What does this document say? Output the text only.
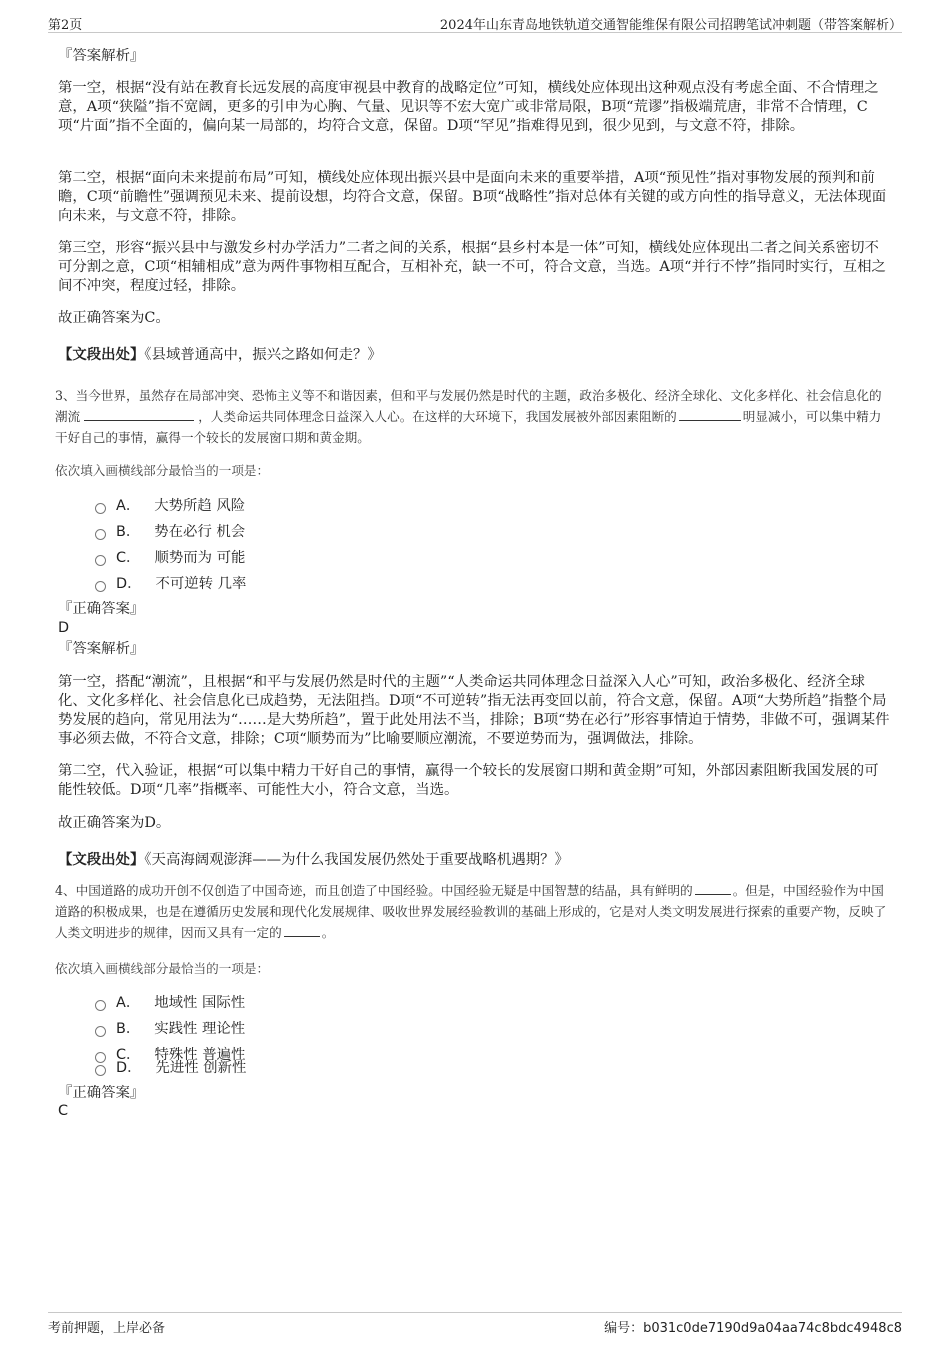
第2页	2024年山东青岛地铁轨道交通智能维保有限公司招聘笔试冲刺题（带答案解析）
『答案解析』
第一空，根据“没有站在教育长远发展的高度审视县中教育的战略定位”可知，横线处应体现出这种观点没有考虑全面、不合情理之意，A项“狭隘”指不宽阔，更多的引申为心胸、气量、见识等不宏大宽广或非常局限，B项“荒谬”指极端荒唐，非常不合情理，C项“片面”指不全面的，偏向某一局部的，均符合文意，保留。D项“罕见”指难得见到，很少见到，与文意不符，排除。
第二空，根据“面向未来提前布局”可知，横线处应体现出振兴县中是面向未来的重要举措，A项“预见性”指对事物发展的预判和前瞻，C项“前瞻性”强调预见未来、提前设想，均符合文意，保留。B项“战略性”指对总体有关键的或方向性的指导意义，无法体现面向未来，与文意不符，排除。
第三空，形容“振兴县中与激发乡村办学活力”二者之间的关系，根据“县乡村本是一体”可知，横线处应体现出二者之间关系密切不可分割之意，C项“相辅相成”意为两件事物相互配合，互相补充，缺一不可，符合文意，当选。A项“并行不悖”指同时实行，互相之间不冲突，程度过轻，排除。
故正确答案为C。
【文段出处】《县域普通高中，振兴之路如何走？》
3、当今世界，虽然存在局部冲突、恐怖主义等不和谐因素，但和平与发展仍然是时代的主题，政治多极化、经济全球化、文化多样化、社会信息化的潮流	，人类命运共同体理念日益深入人心。在这样的大环境下，我国发展被外部因素阻断的	明显减小，可以集中精力干好自己的事情，赢得一个较长的发展窗口期和黄金期。
依次填入画横线部分最恰当的一项是：
A． 大势所趋 风险
B． 势在必行 机会
C． 顺势而为 可能
D． 不可逆转 几率
『正确答案』
D
『答案解析』
第一空，搭配“潮流”，且根据“和平与发展仍然是时代的主题”“人类命运共同体理念日益深入人心”可知，政治多极化、经济全球化、文化多样化、社会信息化已成趋势，无法阻挡。D项“不可逆转”指无法再变回以前，符合文意，保留。A项“大势所趋”指整个局势发展的趋向，常见用法为“……是大势所趋”，置于此处用法不当，排除；B项“势在必行”形容事情迫于情势，非做不可，强调某件事必须去做，不符合文意，排除；C项“顺势而为”比喻要顺应潮流，不要逆势而为，强调做法，排除。
第二空，代入验证，根据“可以集中精力干好自己的事情，赢得一个较长的发展窗口期和黄金期”可知，外部因素阻断我国发展的可能性较低。D项“几率”指概率、可能性大小，符合文意，当选。
故正确答案为D。
【文段出处】《天高海阔观澎湃——为什么我国发展仍然处于重要战略机遇期？》
4、中国道路的成功开创不仅创造了中国奇迹，而且创造了中国经验。中国经验无疑是中国智慧的结晶，具有鲜明的	。但是，中国经验作为中国道路的积极成果，也是在遵循历史发展和现代化发展规律、吸收世界发展经验教训的基础上形成的，它是对人类文明发展进行探索的重要产物，反映了人类文明进步的规律，因而又具有一定的	。
依次填入画横线部分最恰当的一项是：
A． 地域性 国际性
B． 实践性 理论性
C． 特殊性 普遍性
D． 先进性 创新性
『正确答案』
C
考前押题，上岸必备	编号：b031c0de7190d9a04aa74c8bdc4948c8
